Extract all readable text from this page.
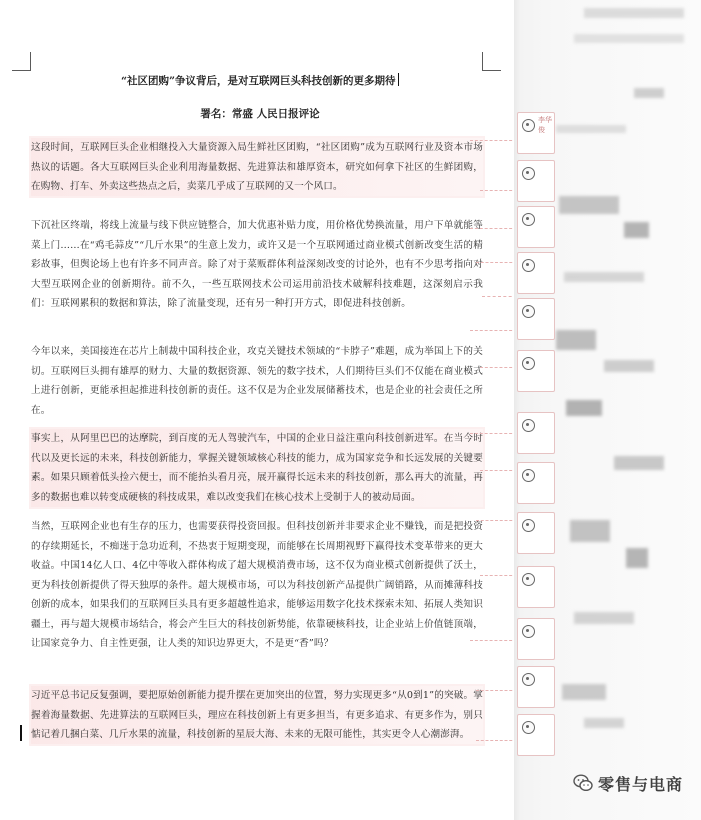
“社区团购”争议背后，是对互联网巨头科技创新的更多期待
署名：常盛 人民日报评论
这段时间，互联网巨头企业相继投入大量资源入局生鲜社区团购，“社区团购”成为互联网行业及资本市场热议的话题。各大互联网巨头企业利用海量数据、先进算法和雄厚资本，研究如何拿下社区的生鲜团购，在购物、打车、外卖这些热点之后，卖菜几乎成了互联网的又一个风口。
下沉社区终端，将线上流量与线下供应链整合，加大优惠补贴力度，用价格优势换流量，用户下单就能等菜上门……在“鸡毛蒜皮”“几斤水果”的生意上发力，或许又是一个互联网通过商业模式创新改变生活的精彩故事，但舆论场上也有许多不同声音。除了对于菜贩群体利益深刻改变的讨论外，也有不少思考指向对大型互联网企业的创新期待。前不久，一些互联网技术公司运用前沿技术破解科技难题，这深刻启示我们：互联网累积的数据和算法，除了流量变现，还有另一种打开方式，即促进科技创新。
今年以来，美国接连在芯片上制裁中国科技企业，攻克关键技术领域的“卡脖子”难题，成为举国上下的关切。互联网巨头拥有雄厚的财力、大量的数据资源、领先的数字技术，人们期待巨头们不仅能在商业模式上进行创新，更能承担起推进科技创新的责任。这不仅是为企业发展储蓄技术，也是企业的社会责任之所在。
事实上，从阿里巴巴的达摩院，到百度的无人驾驶汽车，中国的企业日益注重向科技创新进军。在当今时代以及更长远的未来，科技创新能力，掌握关键领域核心科技的能力，成为国家竞争和长远发展的关键要素。如果只顾着低头捡六便士，而不能抬头看月亮，展开赢得长远未来的科技创新，那么再大的流量，再多的数据也难以转变成硬核的科技成果，难以改变我们在核心技术上受制于人的被动局面。
当然，互联网企业也有生存的压力，也需要获得投资回报。但科技创新并非要求企业不赚钱，而是把投资的存续期延长，不痴迷于急功近利，不热衷于短期变现，而能够在长周期视野下赢得技术变革带来的更大收益。中国14亿人口、4亿中等收入群体构成了超大规模消费市场，这不仅为商业模式创新提供了沃土，更为科技创新提供了得天独厚的条件。超大规模市场，可以为科技创新产品提供广阔销路，从而摊薄科技创新的成本，如果我们的互联网巨头具有更多超越性追求，能够运用数字化技术探索未知、拓展人类知识疆土，再与超大规模市场结合，将会产生巨大的科技创新势能，依靠硬核科技，让企业站上价值链顶端，让国家竞争力、自主性更强，让人类的知识边界更大，不是更“香”吗？
习近平总书记反复强调，要把原始创新能力提升摆在更加突出的位置，努力实现更多“从0到1”的突破。掌握着海量数据、先进算法的互联网巨头，理应在科技创新上有更多担当，有更多追求、有更多作为，别只惦记着几捆白菜、几斤水果的流量，科技创新的星辰大海、未来的无限可能性，其实更令人心潮澎湃。
李华俊
零售与电商
